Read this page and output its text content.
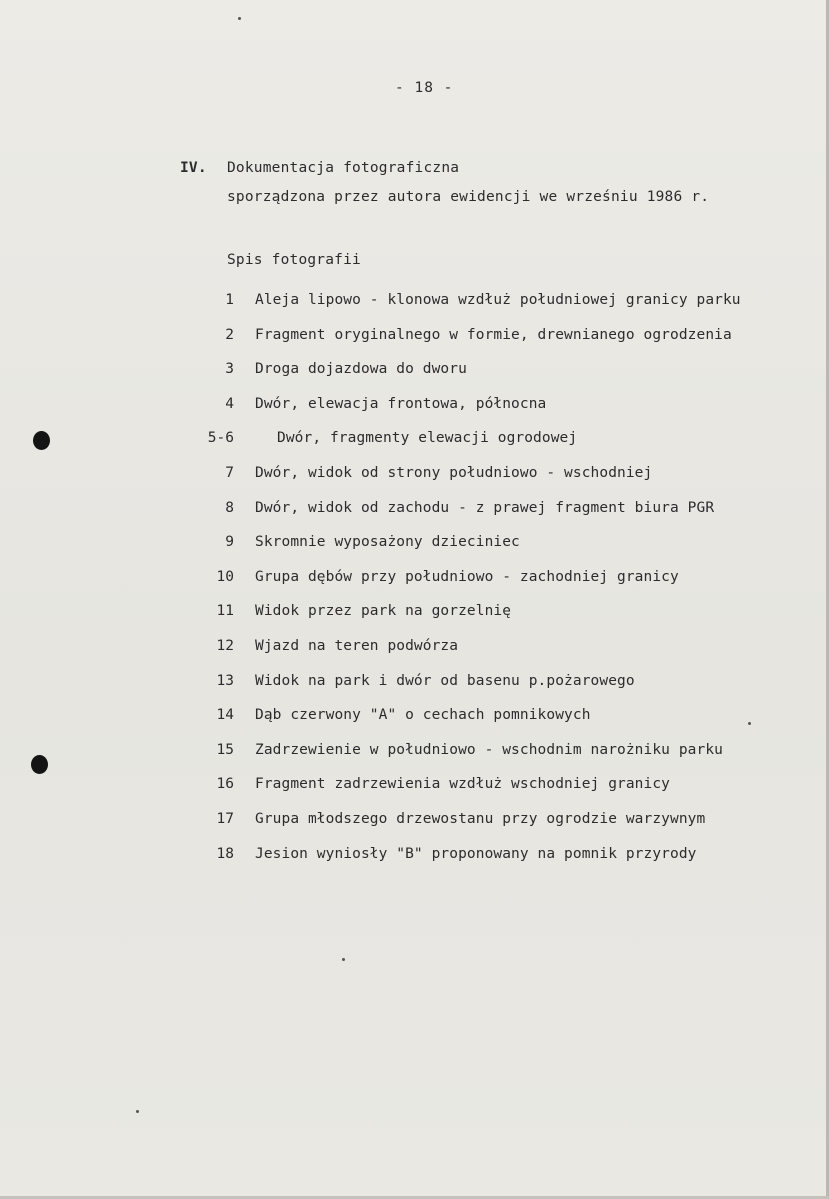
- 18 -
IV. Dokumentacja fotograficzna
sporządzona przez autora ewidencji we wrześniu 1986 r.
Spis fotografii
1 Aleja lipowo - klonowa wzdłuż południowej granicy parku
2 Fragment oryginalnego w formie, drewnianego ogrodzenia
3 Droga dojazdowa do dworu
4 Dwór, elewacja frontowa, północna
5-6	Dwór, fragmenty elewacji ogrodowej
7 Dwór, widok od strony południowo - wschodniej
8 Dwór, widok od zachodu - z prawej fragment biura PGR
9 Skromnie wyposażony dzieciniec
10 Grupa dębów przy południowo - zachodniej granicy
11 Widok przez park na gorzelnię
12 Wjazd na teren podwórza
13 Widok na park i dwór od basenu p.pożarowego
14 Dąb czerwony "A" o cechach pomnikowych
15 Zadrzewienie w południowo - wschodnim narożniku parku
16 Fragment zadrzewienia wzdłuż wschodniej granicy
17 Grupa młodszego drzewostanu przy ogrodzie warzywnym
18 Jesion wyniosły "B" proponowany na pomnik przyrody
